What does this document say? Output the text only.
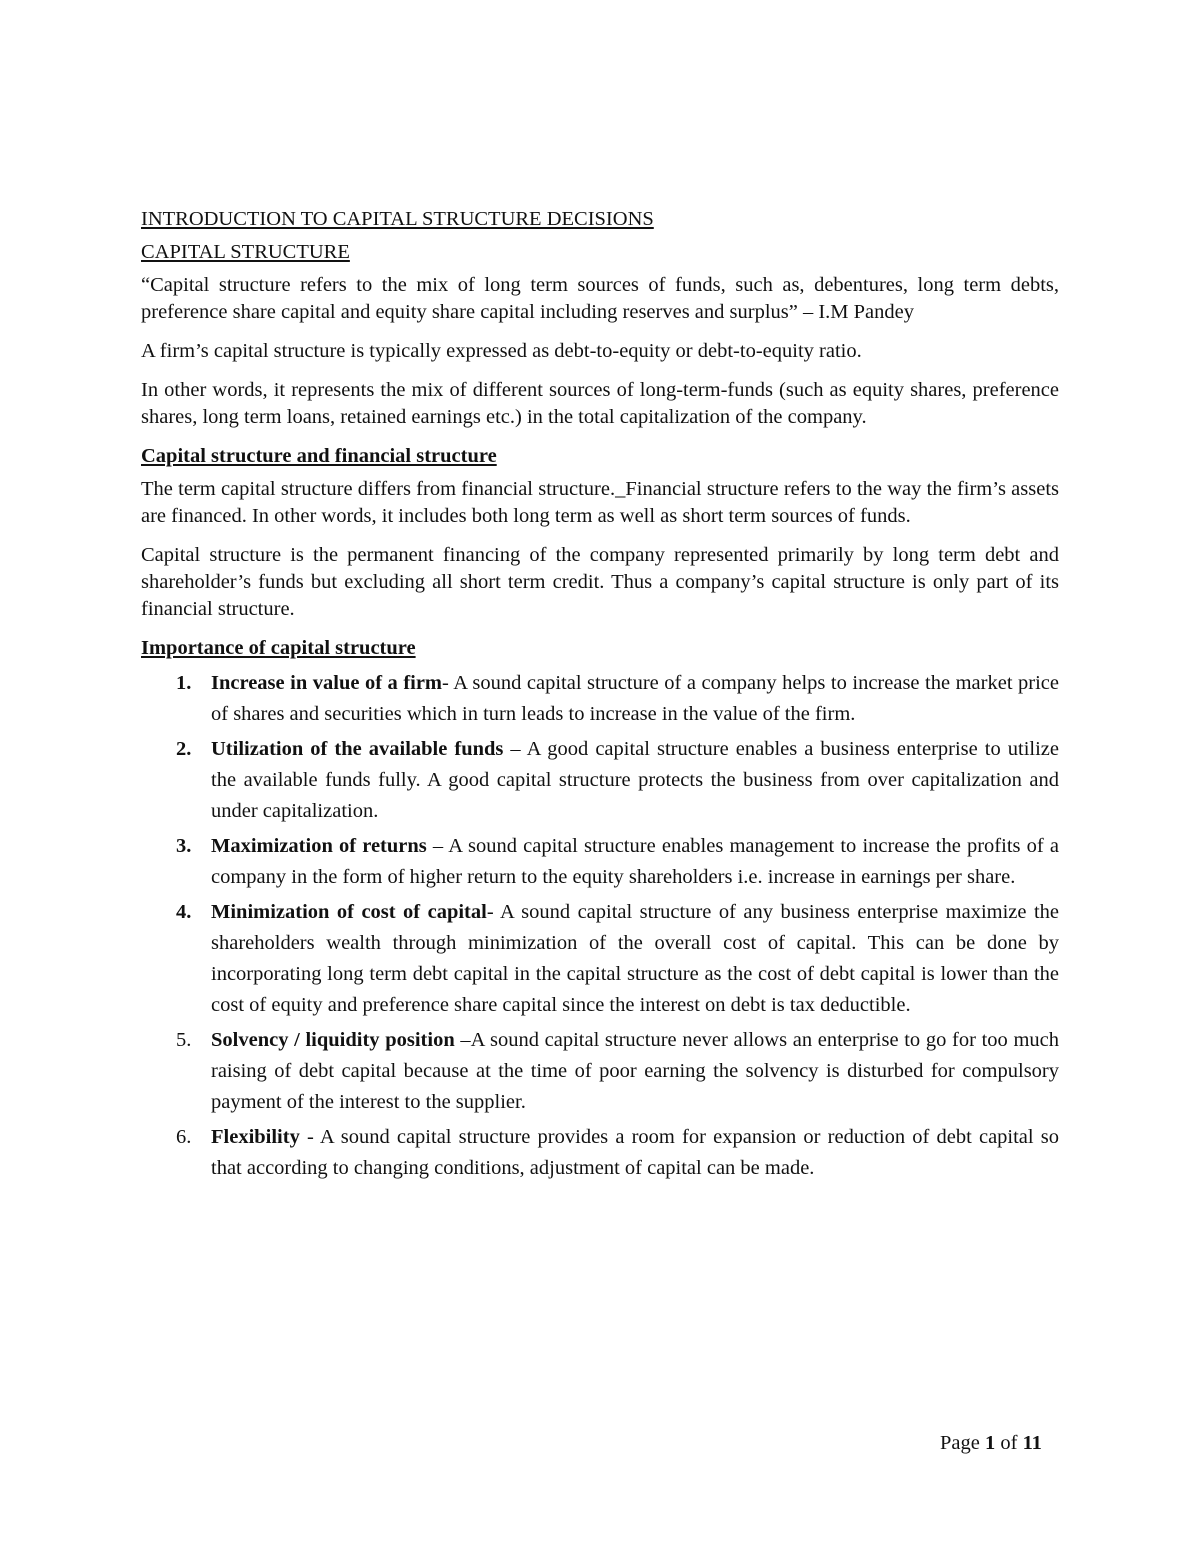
INTRODUCTION TO CAPITAL STRUCTURE DECISIONS
CAPITAL STRUCTURE

“Capital structure refers to the mix of long term sources of funds, such as, debentures, long term debts, preference share capital and equity share capital including reserves and surplus” – I.M Pandey

A firm’s capital structure is typically expressed as debt-to-equity or debt-to-equity ratio.

In other words, it represents the mix of different sources of long-term-funds (such as equity shares, preference shares, long term loans, retained earnings etc.) in the total capitalization of the company.

Capital structure and financial structure

The term capital structure differs from financial structure._Financial structure refers to the way the firm’s assets are financed. In other words, it includes both long term as well as short term sources of funds.

Capital structure is the permanent financing of the company represented primarily by long term debt and shareholder’s funds but excluding all short term credit. Thus a company’s capital structure is only part of its financial structure.

Importance of capital structure
1. Increase in value of a firm- A sound capital structure of a company helps to increase the market price of shares and securities which in turn leads to increase in the value of the firm.
2. Utilization of the available funds – A good capital structure enables a business enterprise to utilize the available funds fully. A good capital structure protects the business from over capitalization and under capitalization.
3. Maximization of returns – A sound capital structure enables management to increase the profits of a company in the form of higher return to the equity shareholders i.e. increase in earnings per share.
4. Minimization of cost of capital- A sound capital structure of any business enterprise maximize the shareholders wealth through minimization of the overall cost of capital. This can be done by incorporating long term debt capital in the capital structure as the cost of debt capital is lower than the cost of equity and preference share capital since the interest on debt is tax deductible.
5. Solvency / liquidity position –A sound capital structure never allows an enterprise to go for too much raising of debt capital because at the time of poor earning the solvency is disturbed for compulsory payment of the interest to the supplier.
6. Flexibility - A sound capital structure provides a room for expansion or reduction of debt capital so that according to changing conditions, adjustment of capital can be made.
Page 1 of 11
